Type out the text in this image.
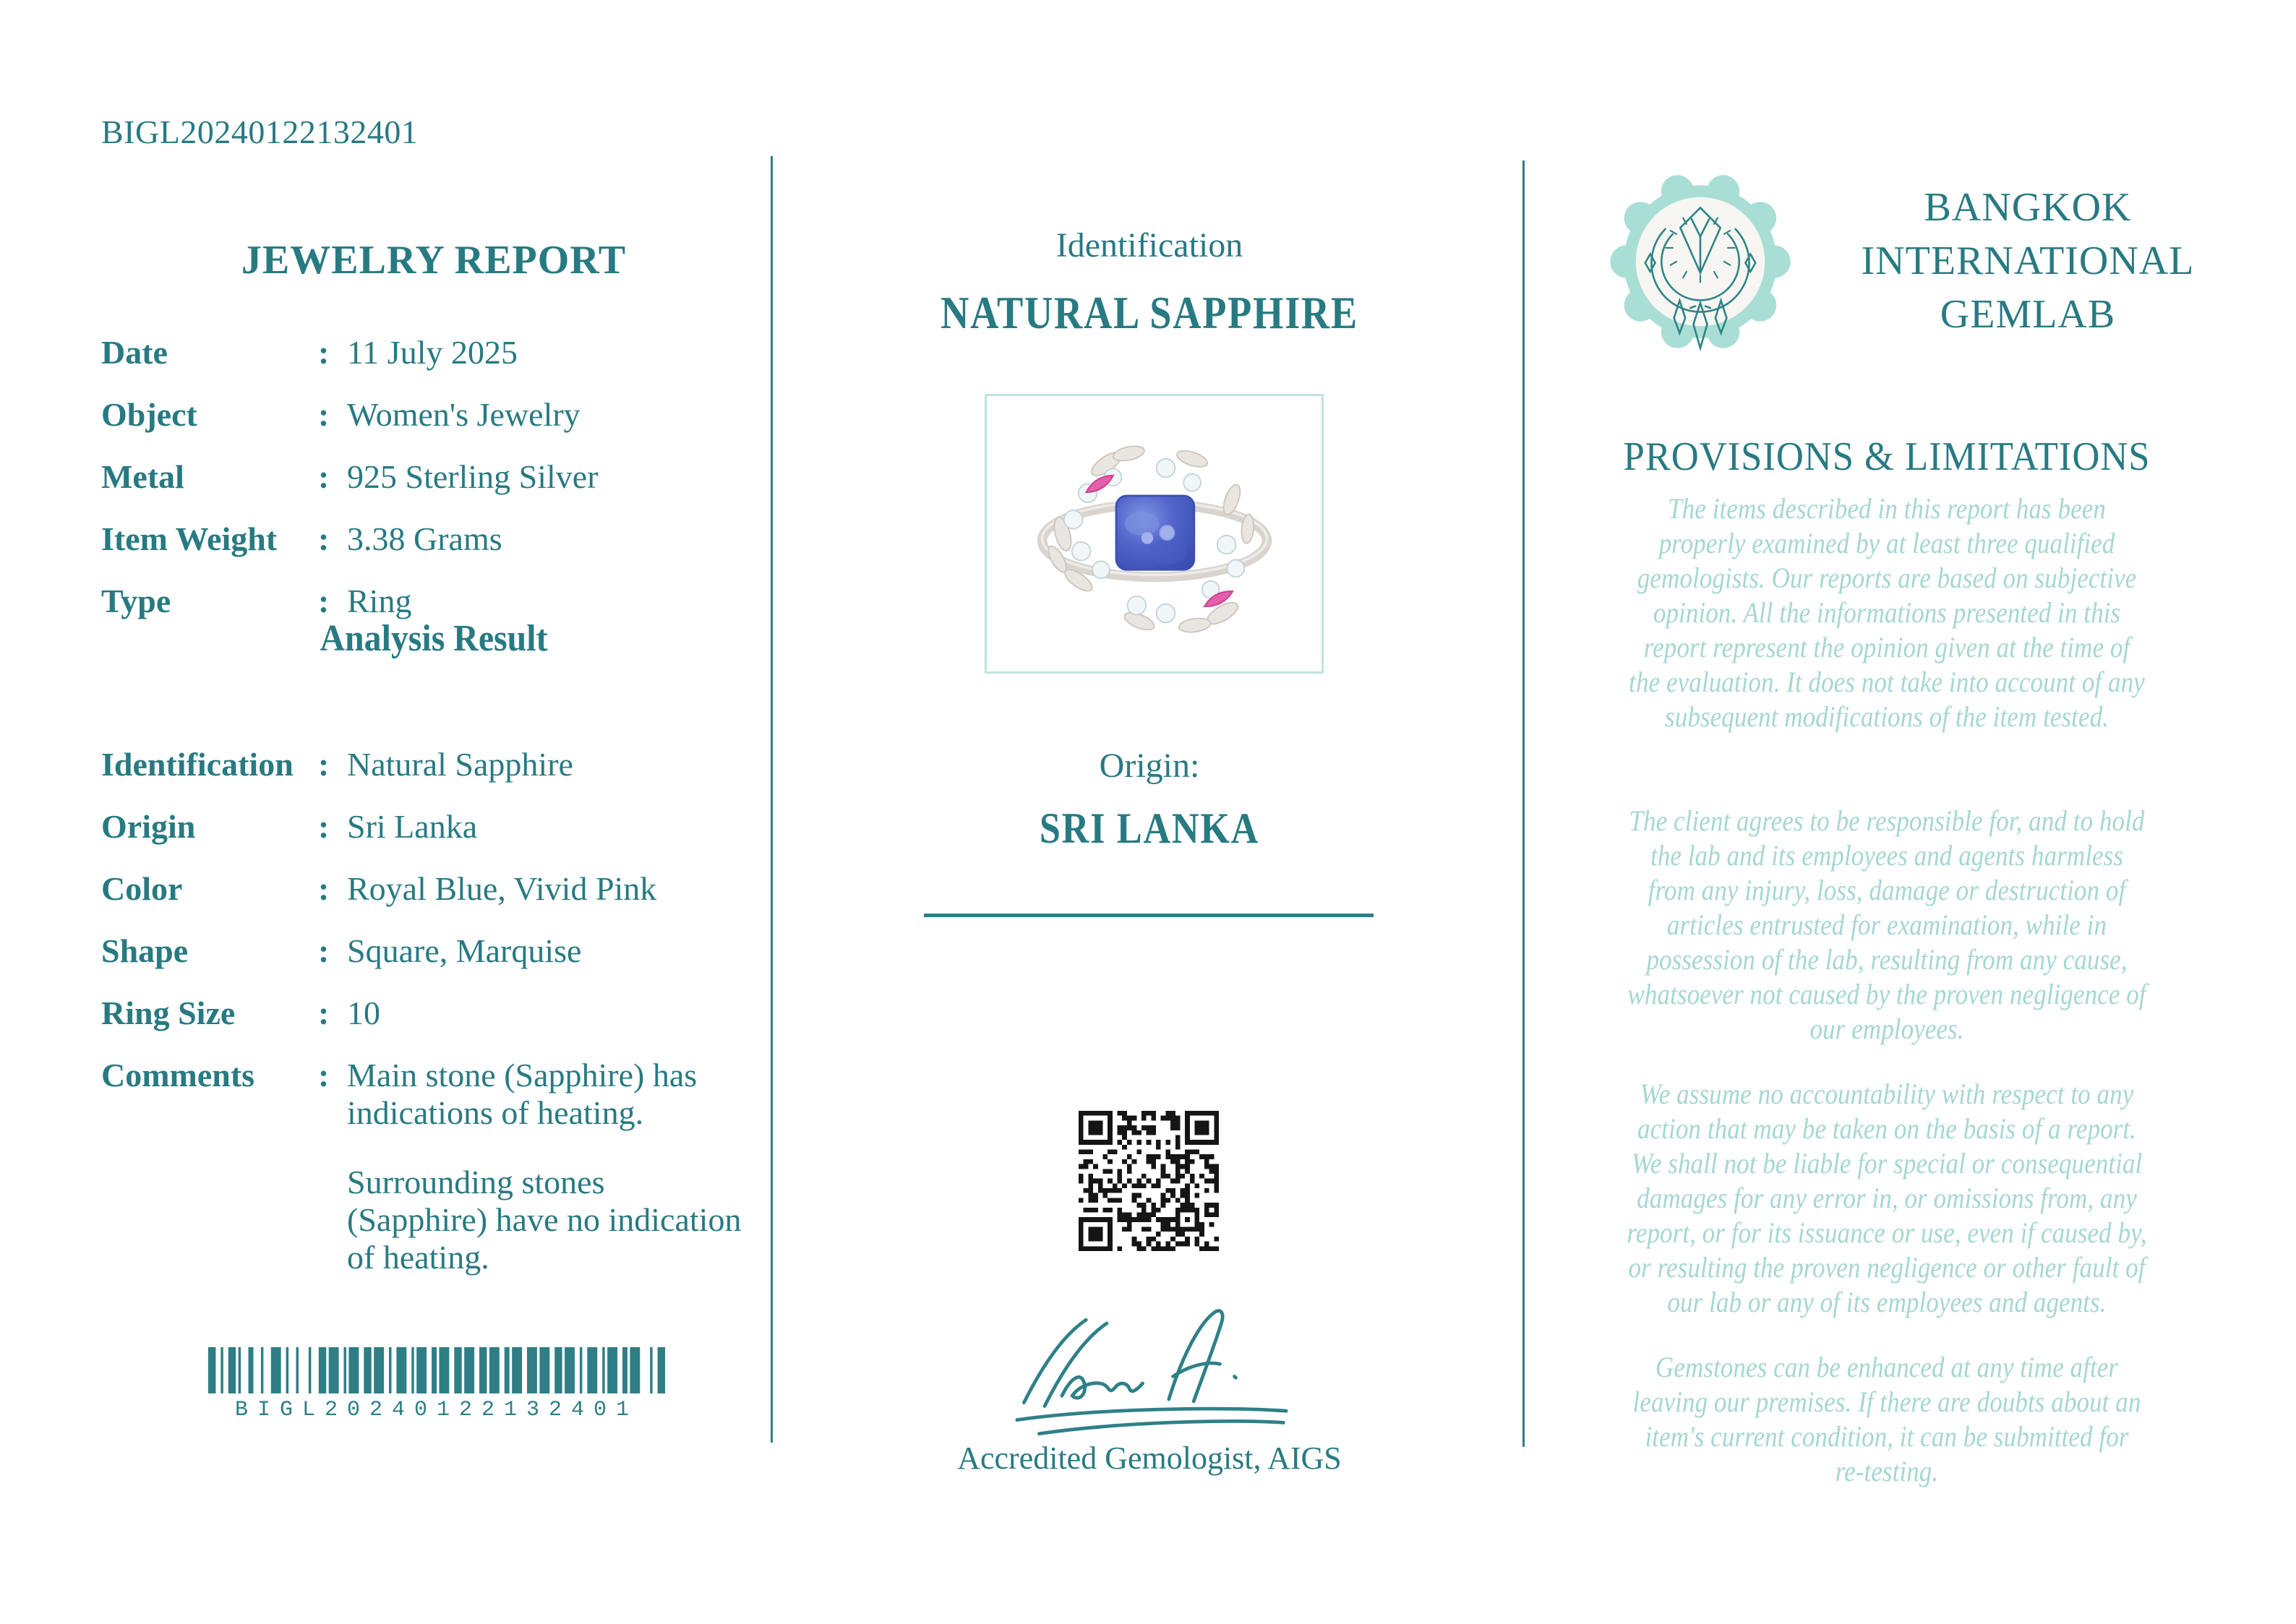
BIGL20240122132401
JEWELRY REPORT
Date	: 11 July 2025
Object	: Women's Jewelry
Metal	: 925 Sterling Silver
Item Weight	: 3.38 Grams
Type	: Ring
Analysis Result
Identification : Natural Sapphire
Origin	: Sri Lanka
Color	: Royal Blue, Vivid Pink
Shape	: Square, Marquise
Ring Size	: 10
Comments	: Main stone (Sapphire) has
indications of heating.
Surrounding stones
(Sapphire) have no indication
of heating.
BIGL20240122132401
Identification
NATURAL SAPPHIRE
Origin:
SRI LANKA
Accredited Gemologist, AIGS
BANGKOK
INTERNATIONAL
GEMLAB
PROVISIONS & LIMITATIONS
The items described in this report has been
properly examined by at least three qualified
gemologists. Our reports are based on subjective
opinion. All the informations presented in this
report represent the opinion given at the time of
the evaluation. It does not take into account of any
subsequent modifications of the item tested.
The client agrees to be responsible for, and to hold
the lab and its employees and agents harmless
from any injury, loss, damage or destruction of
articles entrusted for examination, while in
possession of the lab, resulting from any cause,
whatsoever not caused by the proven negligence of
our employees.
We assume no accountability with respect to any
action that may be taken on the basis of a report.
We shall not be liable for special or consequential
damages for any error in, or omissions from, any
report, or for its issuance or use, even if caused by,
or resulting the proven negligence or other fault of
our lab or any of its employees and agents.
Gemstones can be enhanced at any time after
leaving our premises. If there are doubts about an
item's current condition, it can be submitted for
re-testing.
